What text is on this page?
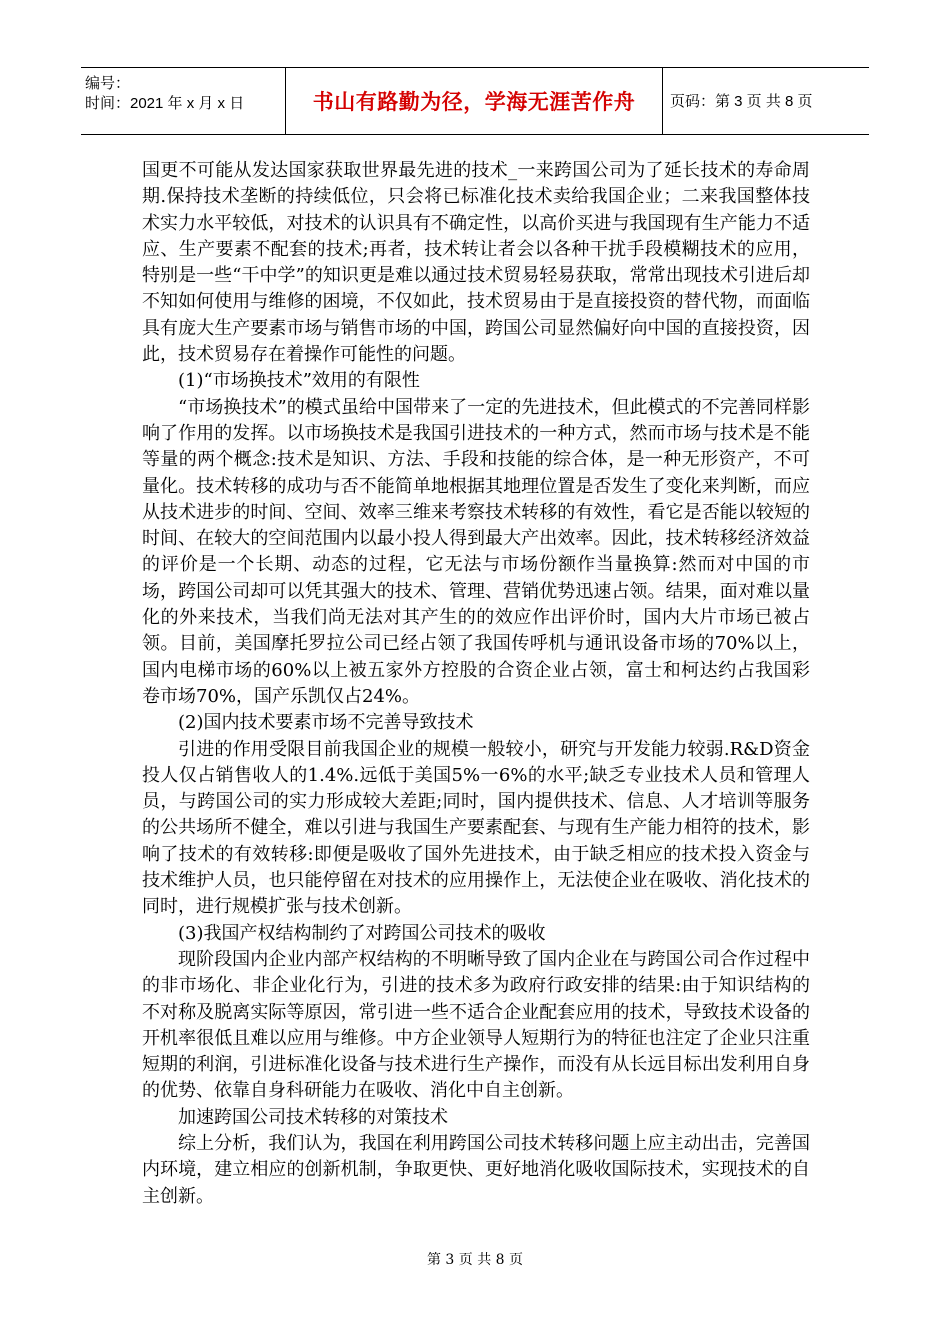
编号：
时间：2021 年 x 月 x 日	书山有路勤为径，学海无涯苦作舟	页码：第 3 页 共 8 页

国更不可能从发达国家获取世界最先进的技术_一来跨国公司为了延长技术的寿命周期.保持技术垄断的持续低位，只会将已标准化技术卖给我国企业；二来我国整体技术实力水平较低，对技术的认识具有不确定性，以高价买进与我国现有生产能力不适应、生产要素不配套的技术;再者，技术转让者会以各种干扰手段模糊技术的应用，特别是一些“干中学”的知识更是难以通过技术贸易轻易获取，常常出现技术引进后却不知如何使用与维修的困境，不仅如此，技术贸易由于是直接投资的替代物，而面临具有庞大生产要素市场与销售市场的中国，跨国公司显然偏好向中国的直接投资，因此，技术贸易存在着操作可能性的问题。

(1)“市场换技术”效用的有限性

“市场换技术”的模式虽给中国带来了一定的先进技术，但此模式的不完善同样影响了作用的发挥。以市场换技术是我国引进技术的一种方式，然而市场与技术是不能等量的两个概念:技术是知识、方法、手段和技能的综合体，是一种无形资产，不可量化。技术转移的成功与否不能简单地根据其地理位置是否发生了变化来判断，而应从技术进步的时间、空间、效率三维来考察技术转移的有效性，看它是否能以较短的时间、在较大的空间范围内以最小投人得到最大产出效率。因此，技术转移经济效益的评价是一个长期、动态的过程，它无法与市场份额作当量换算:然而对中国的市场，跨国公司却可以凭其强大的技术、管理、营销优势迅速占领。结果，面对难以量化的外来技术，当我们尚无法对其产生的的效应作出评价时，国内大片市场已被占领。目前，美国摩托罗拉公司已经占领了我国传呼机与通讯设备市场的70%以上，国内电梯市场的60%以上被五家外方控股的合资企业占领，富士和柯达约占我国彩卷市场70%，国产乐凯仅占24%。

(2)国内技术要素市场不完善导致技术

引进的作用受限目前我国企业的规模一般较小，研究与开发能力较弱.R&D资金投人仅占销售收人的1.4%.远低于美国5%一6%的水平;缺乏专业技术人员和管理人员，与跨国公司的实力形成较大差距;同时，国内提供技术、信息、人才培训等服务的公共场所不健全，难以引进与我国生产要素配套、与现有生产能力相符的技术，影响了技术的有效转移:即便是吸收了国外先进技术，由于缺乏相应的技术投入资金与技术维护人员，也只能停留在对技术的应用操作上，无法使企业在吸收、消化技术的同时，进行规模扩张与技术创新。

(3)我国产权结构制约了对跨国公司技术的吸收

现阶段国内企业内部产权结构的不明晰导致了国内企业在与跨国公司合作过程中的非市场化、非企业化行为，引进的技术多为政府行政安排的结果:由于知识结构的不对称及脱离实际等原因，常引进一些不适合企业配套应用的技术，导致技术设备的开机率很低且难以应用与维修。中方企业领导人短期行为的特征也注定了企业只注重短期的利润，引进标准化设备与技术进行生产操作，而没有从长远目标出发利用自身的优势、依靠自身科研能力在吸收、消化中自主创新。

加速跨国公司技术转移的对策技术

综上分析，我们认为，我国在利用跨国公司技术转移问题上应主动出击，完善国内环境，建立相应的创新机制，争取更快、更好地消化吸收国际技术，实现技术的自主创新。

第 3 页 共 8 页
